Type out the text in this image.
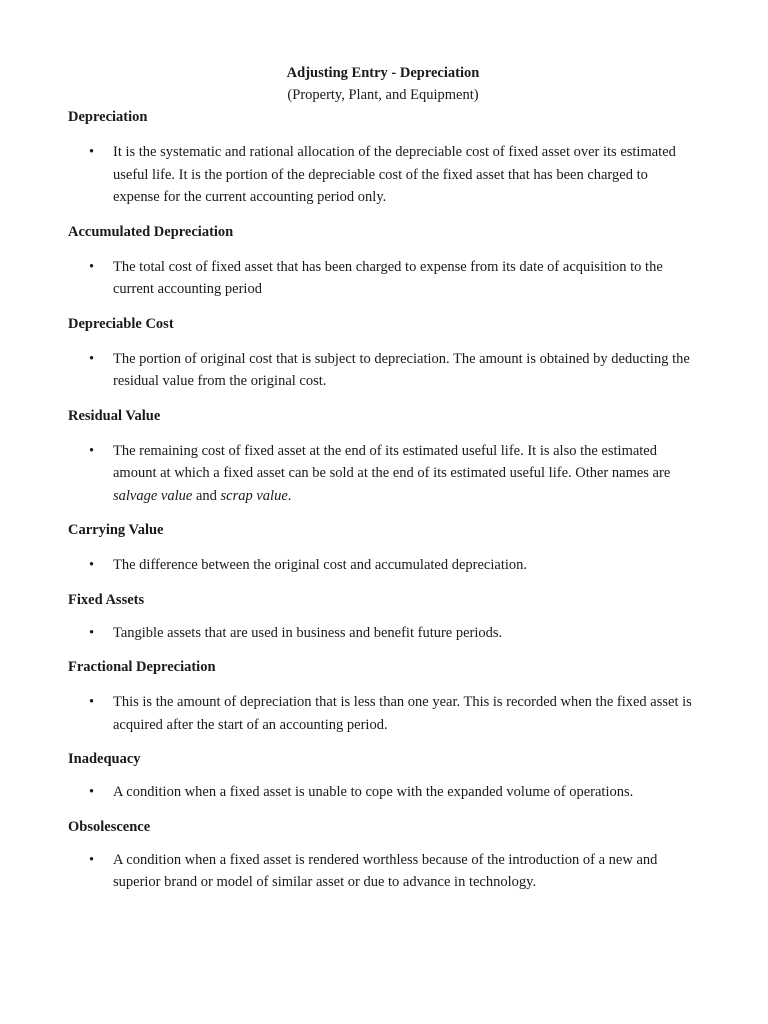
Adjusting Entry - Depreciation
(Property, Plant, and Equipment)

Depreciation

• It is the systematic and rational allocation of the depreciable cost of fixed asset over its estimated useful life. It is the portion of the depreciable cost of the fixed asset that has been charged to expense for the current accounting period only.

Accumulated Depreciation

• The total cost of fixed asset that has been charged to expense from its date of acquisition to the current accounting period

Depreciable Cost

• The portion of original cost that is subject to depreciation. The amount is obtained by deducting the residual value from the original cost.

Residual Value

• The remaining cost of fixed asset at the end of its estimated useful life. It is also the estimated amount at which a fixed asset can be sold at the end of its estimated useful life. Other names are salvage value and scrap value.

Carrying Value

• The difference between the original cost and accumulated depreciation.

Fixed Assets

• Tangible assets that are used in business and benefit future periods.

Fractional Depreciation

• This is the amount of depreciation that is less than one year. This is recorded when the fixed asset is acquired after the start of an accounting period.

Inadequacy

• A condition when a fixed asset is unable to cope with the expanded volume of operations.

Obsolescence

• A condition when a fixed asset is rendered worthless because of the introduction of a new and superior brand or model of similar asset or due to advance in technology.
